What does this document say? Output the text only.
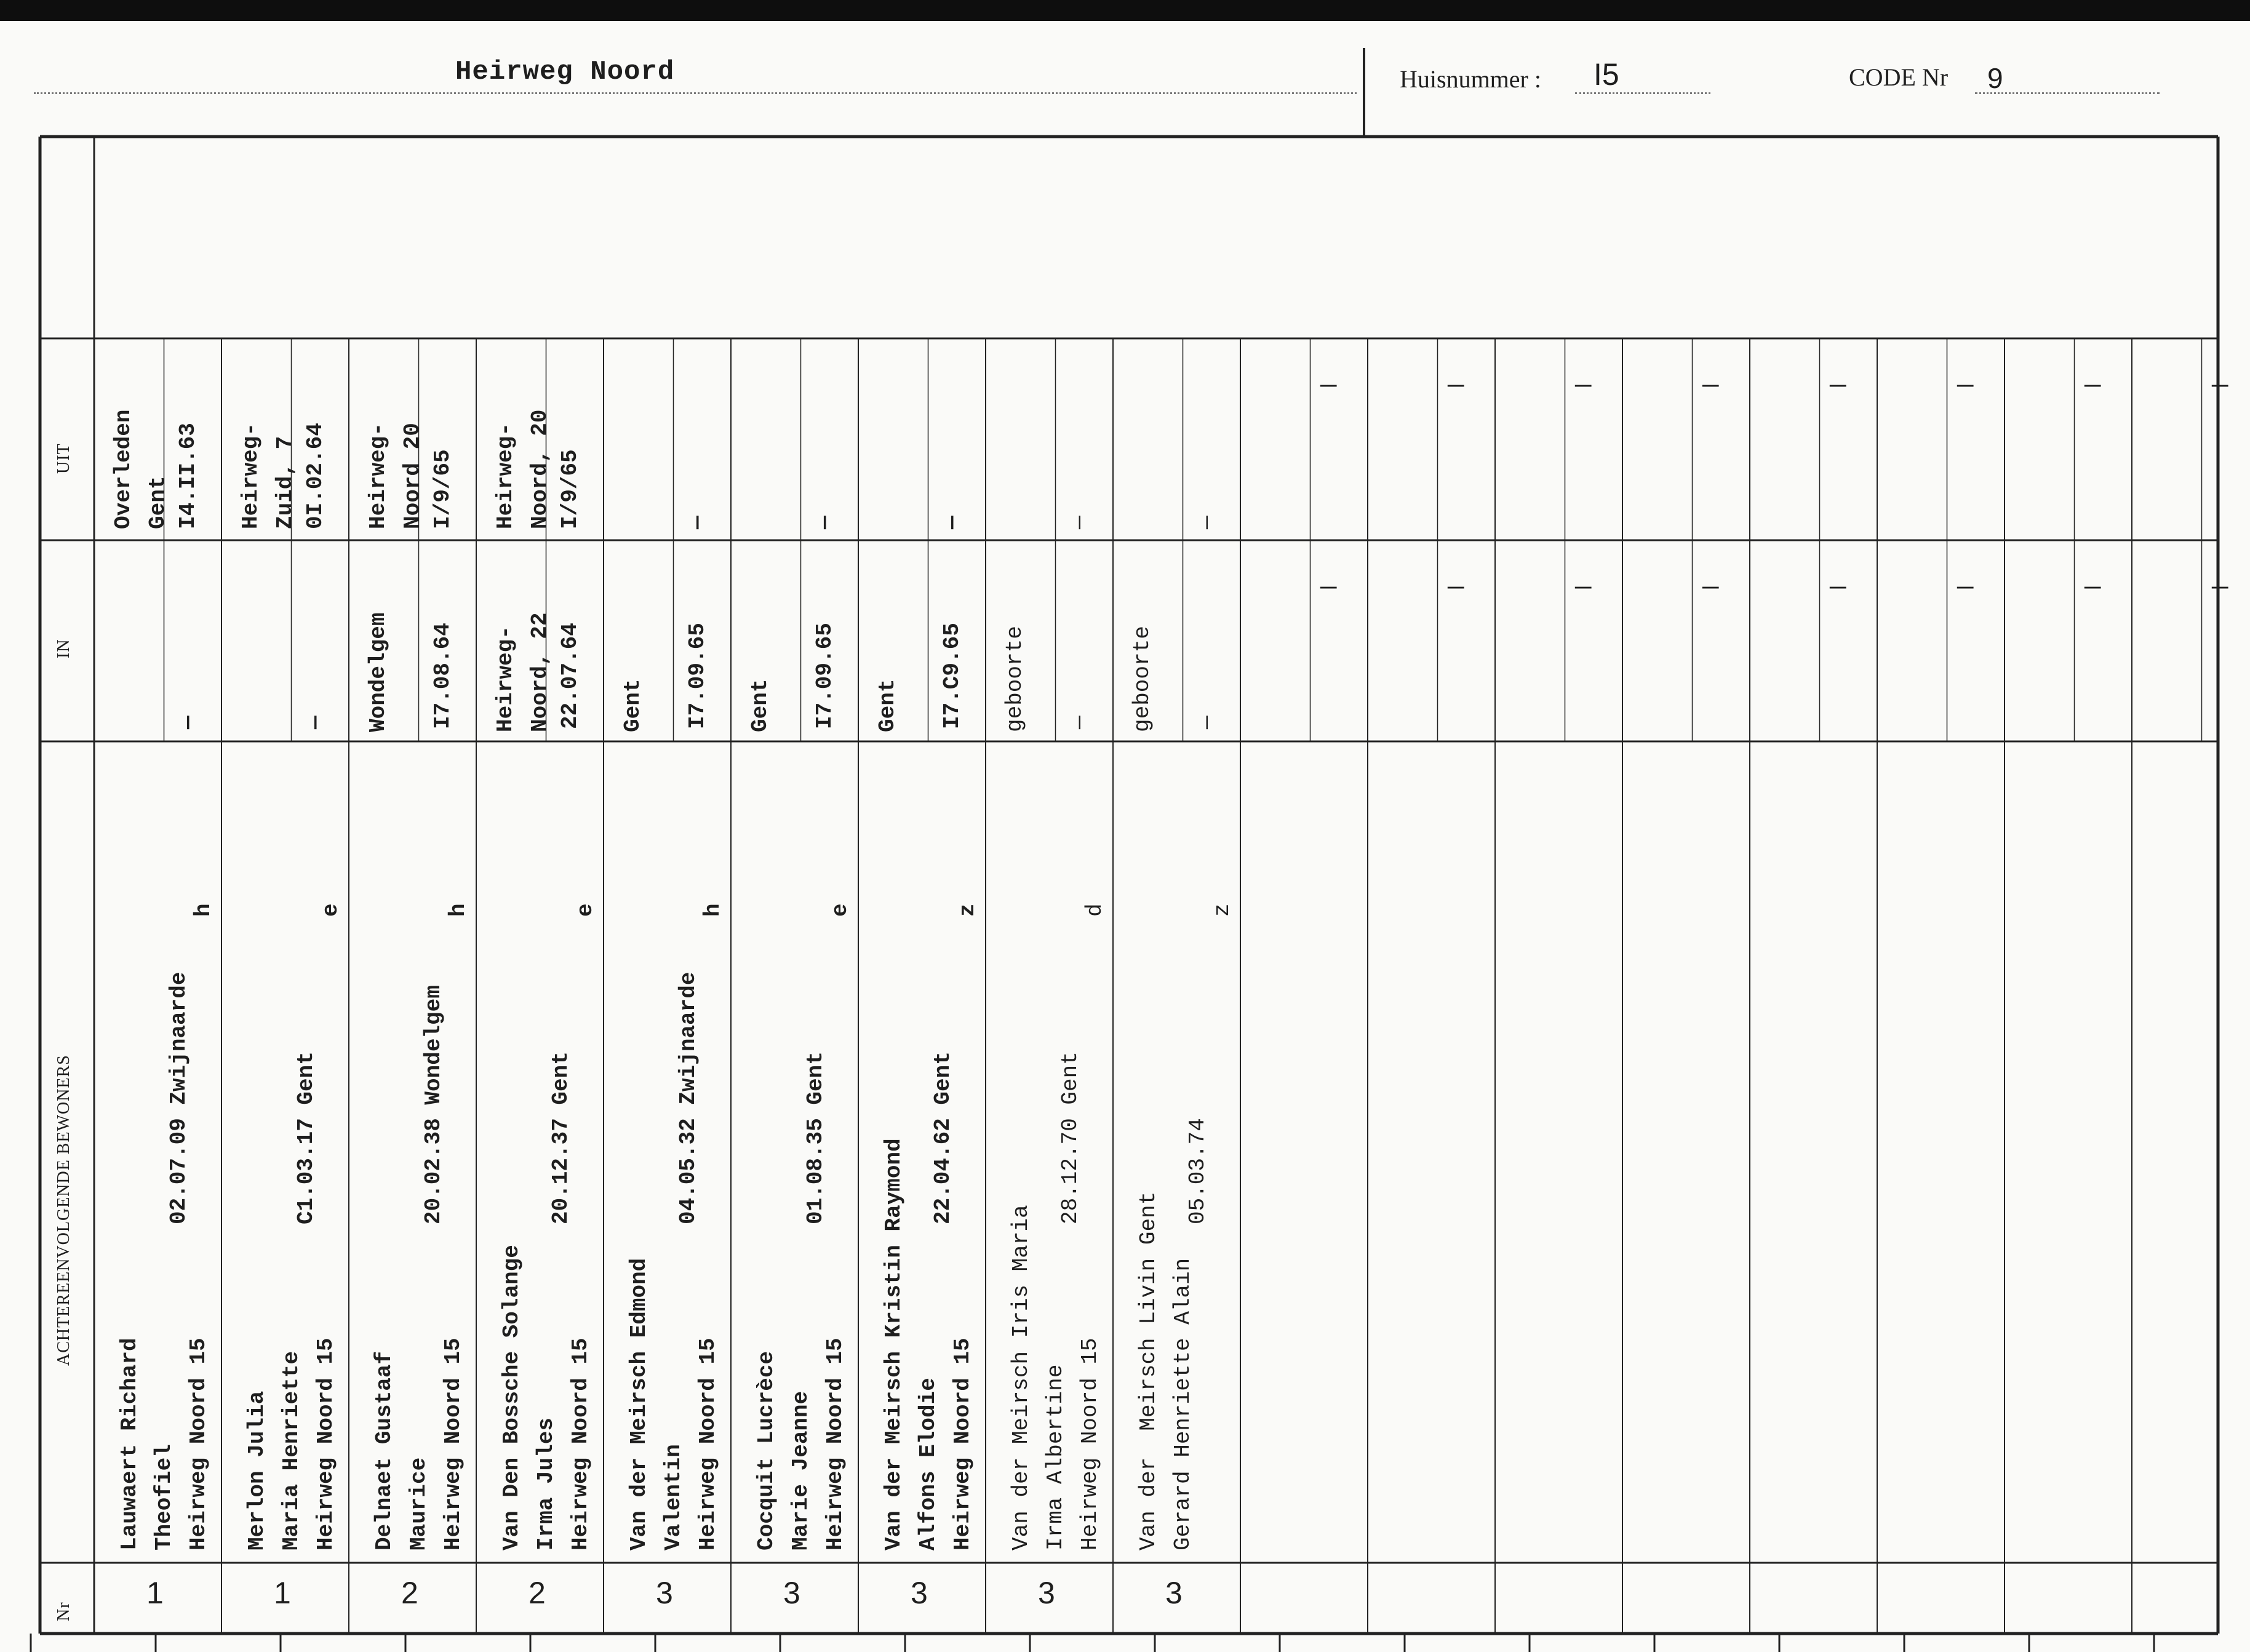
Heirweg Noord	Huisnummer : I5	CODE Nr 9
UIT
IN
ACHTEREENVOLGENDE BEWONERS
Nr
Lauwaert Richard
Theofiel
Heirweg Noord 15
02.07.09 Zwijnaarde
h
—
Overleden
Gent I4.II.63
1
Merlon Julia
Maria Henriette
Heirweg Noord 15
C1.03.17 Gent
e
—
Heirweg-
Zuid, 7 0I.02.64
1
Delnaet Gustaaf
Maurice
Heirweg Noord 15
20.02.38 Wondelgem
h
Wondelgem I7.08.64
Heirweg-
Noord 20
I/9/65
2
Van Den Bossche Solange
Irma Jules
Heirweg Noord 15
20.12.37 Gent
e
Heirweg-
Noord, 22 22.07.64
Heirweg-
Noord, 20
I/9/65
2
Van der Meirsch Edmond
Valentin
Heirweg Noord 15
04.05.32 Zwijnaarde
h
Gent I7.09.65
—
3
Cocquit Lucrèce
Marie Jeanne
Heirweg Noord 15
01.08.35 Gent
e
Gent I7.09.65
—
3
Van der Meirsch Kristin Raymond
Alfons Elodie
Heirweg Noord 15
22.04.62 Gent
z
Gent I7.C9.65
—
3
Van der Meirsch Iris Maria
Irma Albertine
Heirweg Noord 15
28.12.70 Gent
d
geboorte —
—
3
Van der  Meirsch Livin Gent
Gerard Henriette Alain
05.03.74
z
geboorte —
—
3
—
—
—
—
—
—
—
—
—
—
—
—
—
—
—
—
